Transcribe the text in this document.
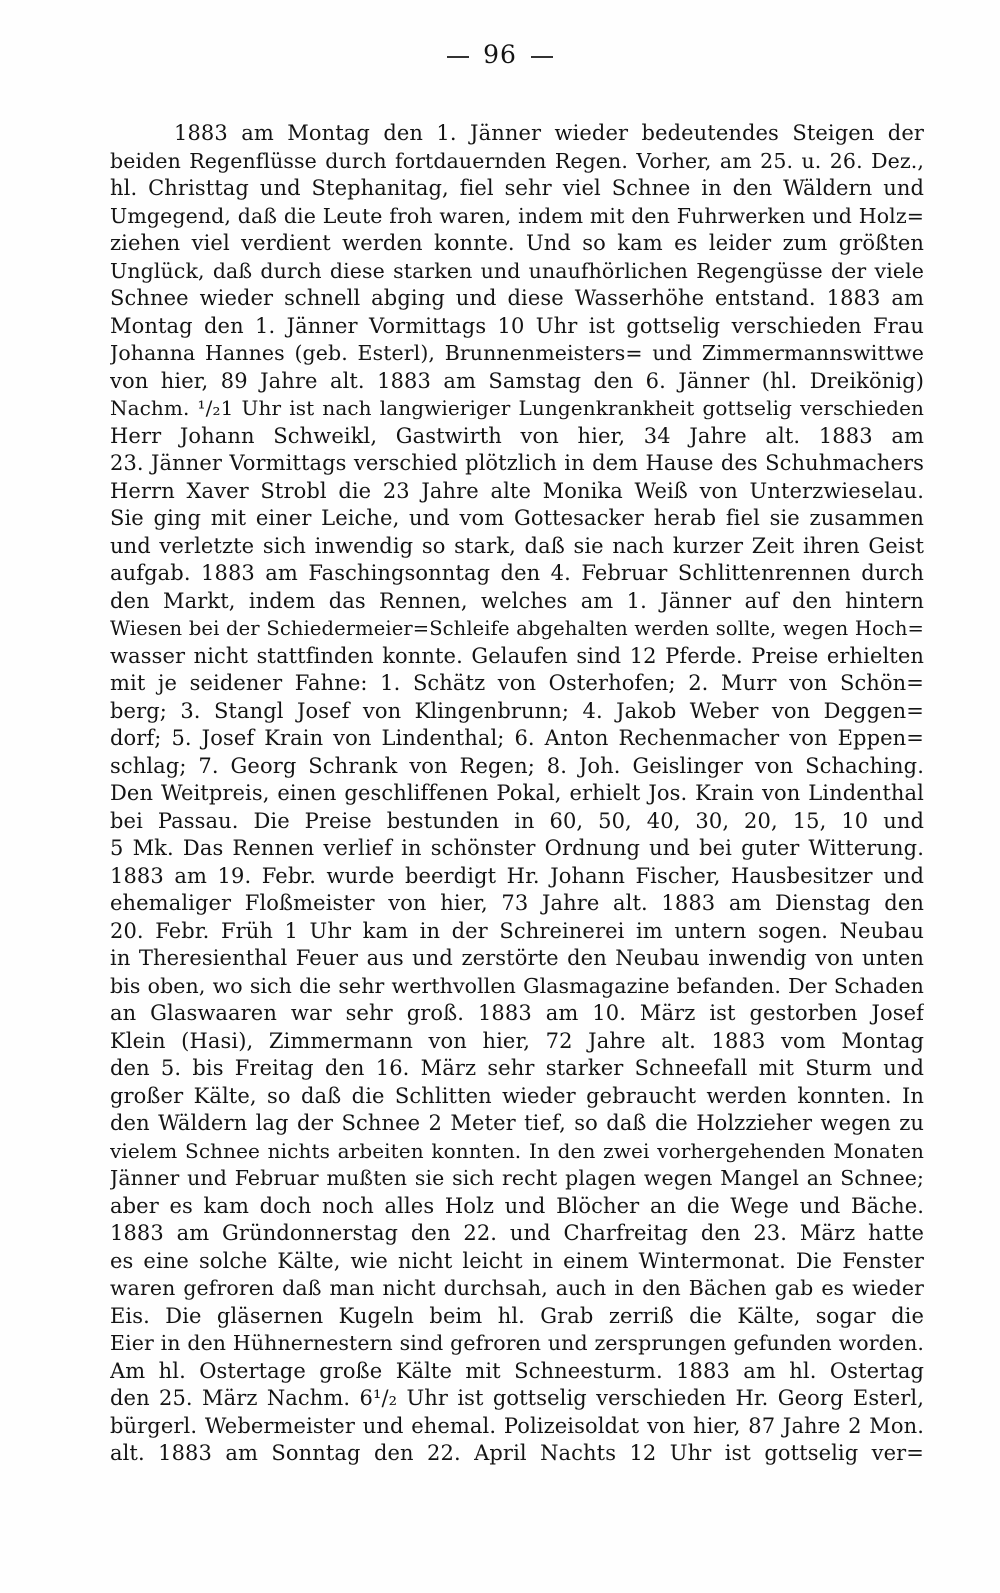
96
1883 am Montag den 1. Jänner wieder bedeutendes Steigen der
beiden Regenflüsse durch fortdauernden Regen. Vorher, am 25. u. 26. Dez.,
hl. Christtag und Stephanitag, fiel sehr viel Schnee in den Wäldern und
Umgegend, daß die Leute froh waren, indem mit den Fuhrwerken und Holz=
ziehen viel verdient werden konnte. Und so kam es leider zum größten
Unglück, daß durch diese starken und unaufhörlichen Regengüsse der viele
Schnee wieder schnell abging und diese Wasserhöhe entstand. 1883 am
Montag den 1. Jänner Vormittags 10 Uhr ist gottselig verschieden Frau
Johanna Hannes (geb. Esterl), Brunnenmeisters= und Zimmermannswittwe
von hier, 89 Jahre alt. 1883 am Samstag den 6. Jänner (hl. Dreikönig)
Nachm. ¹/₂1 Uhr ist nach langwieriger Lungenkrankheit gottselig verschieden
Herr Johann Schweikl, Gastwirth von hier, 34 Jahre alt. 1883 am
23. Jänner Vormittags verschied plötzlich in dem Hause des Schuhmachers
Herrn Xaver Strobl die 23 Jahre alte Monika Weiß von Unterzwieselau.
Sie ging mit einer Leiche, und vom Gottesacker herab fiel sie zusammen
und verletzte sich inwendig so stark, daß sie nach kurzer Zeit ihren Geist
aufgab. 1883 am Faschingsonntag den 4. Februar Schlittenrennen durch
den Markt, indem das Rennen, welches am 1. Jänner auf den hintern
Wiesen bei der Schiedermeier=Schleife abgehalten werden sollte, wegen Hoch=
wasser nicht stattfinden konnte. Gelaufen sind 12 Pferde. Preise erhielten
mit je seidener Fahne: 1. Schätz von Osterhofen; 2. Murr von Schön=
berg; 3. Stangl Josef von Klingenbrunn; 4. Jakob Weber von Deggen=
dorf; 5. Josef Krain von Lindenthal; 6. Anton Rechenmacher von Eppen=
schlag; 7. Georg Schrank von Regen; 8. Joh. Geislinger von Schaching.
Den Weitpreis, einen geschliffenen Pokal, erhielt Jos. Krain von Lindenthal
bei Passau. Die Preise bestunden in 60, 50, 40, 30, 20, 15, 10 und
5 Mk. Das Rennen verlief in schönster Ordnung und bei guter Witterung.
1883 am 19. Febr. wurde beerdigt Hr. Johann Fischer, Hausbesitzer und
ehemaliger Floßmeister von hier, 73 Jahre alt. 1883 am Dienstag den
20. Febr. Früh 1 Uhr kam in der Schreinerei im untern sogen. Neubau
in Theresienthal Feuer aus und zerstörte den Neubau inwendig von unten
bis oben, wo sich die sehr werthvollen Glasmagazine befanden. Der Schaden
an Glaswaaren war sehr groß. 1883 am 10. März ist gestorben Josef
Klein (Hasi), Zimmermann von hier, 72 Jahre alt. 1883 vom Montag
den 5. bis Freitag den 16. März sehr starker Schneefall mit Sturm und
großer Kälte, so daß die Schlitten wieder gebraucht werden konnten. In
den Wäldern lag der Schnee 2 Meter tief, so daß die Holzzieher wegen zu
vielem Schnee nichts arbeiten konnten. In den zwei vorhergehenden Monaten
Jänner und Februar mußten sie sich recht plagen wegen Mangel an Schnee;
aber es kam doch noch alles Holz und Blöcher an die Wege und Bäche.
1883 am Gründonnerstag den 22. und Charfreitag den 23. März hatte
es eine solche Kälte, wie nicht leicht in einem Wintermonat. Die Fenster
waren gefroren daß man nicht durchsah, auch in den Bächen gab es wieder
Eis. Die gläsernen Kugeln beim hl. Grab zerriß die Kälte, sogar die
Eier in den Hühnernestern sind gefroren und zersprungen gefunden worden.
Am hl. Ostertage große Kälte mit Schneesturm. 1883 am hl. Ostertag
den 25. März Nachm. 6¹/₂ Uhr ist gottselig verschieden Hr. Georg Esterl,
bürgerl. Webermeister und ehemal. Polizeisoldat von hier, 87 Jahre 2 Mon.
alt. 1883 am Sonntag den 22. April Nachts 12 Uhr ist gottselig ver=
